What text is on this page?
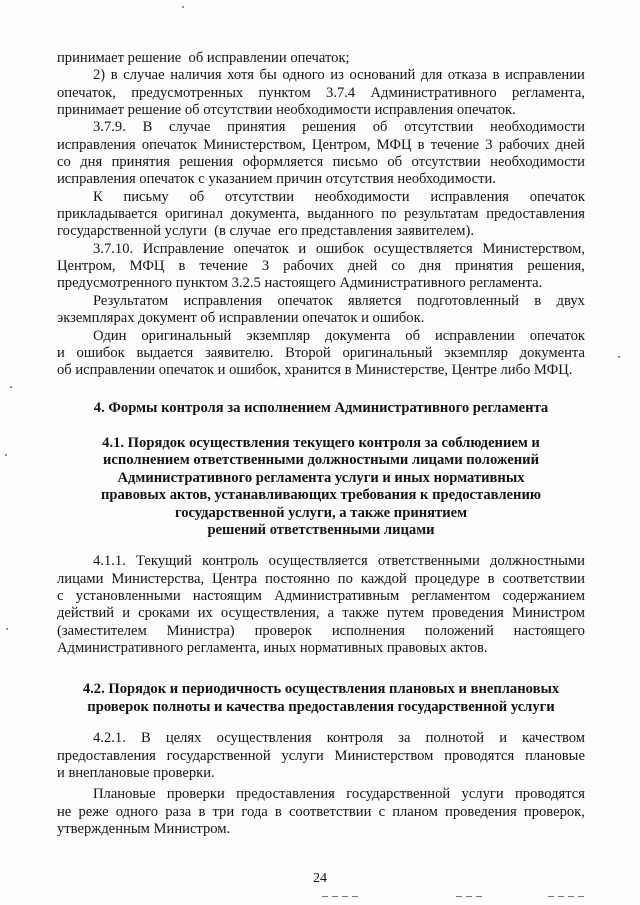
принимает решение  об исправлении опечаток;
2) в случае наличия хотя бы одного из оснований для отказа в исправлении
опечаток, предусмотренных пунктом 3.7.4 Административного регламента,
принимает решение об отсутствии необходимости исправления опечаток.
3.7.9. В случае принятия решения об отсутствии необходимости
исправления опечаток Министерством, Центром, МФЦ в течение 3 рабочих дней
со дня принятия решения оформляется письмо об отсутствии необходимости
исправления опечаток с указанием причин отсутствия необходимости.
К письму об отсутствии необходимости исправления опечаток
прикладывается оригинал документа, выданного по результатам предоставления
государственной услуги  (в случае  его представления заявителем).
3.7.10. Исправление опечаток и ошибок осуществляется Министерством,
Центром, МФЦ в течение 3 рабочих дней со дня принятия решения,
предусмотренного пунктом 3.2.5 настоящего Административного регламента.
Результатом исправления опечаток является подготовленный в двух
экземплярах документ об исправлении опечаток и ошибок.
Один оригинальный экземпляр документа об исправлении опечаток
и ошибок выдается заявителю. Второй оригинальный экземпляр документа
об исправлении опечаток и ошибок, хранится в Министерстве, Центре либо МФЦ.
4. Формы контроля за исполнением Административного регламента
4.1. Порядок осуществления текущего контроля за соблюдением и
исполнением ответственными должностными лицами положений
Административного регламента услуги и иных нормативных
правовых актов, устанавливающих требования к предоставлению
государственной услуги, а также принятием
решений ответственными лицами
4.1.1. Текущий контроль осуществляется ответственными должностными
лицами Министерства, Центра постоянно по каждой процедуре в соответствии
с установленными настоящим Административным регламентом содержанием
действий и сроками их осуществления, а также путем проведения Министром
(заместителем Министра) проверок исполнения положений настоящего
Административного регламента, иных нормативных правовых актов.
4.2. Порядок и периодичность осуществления плановых и внеплановых
проверок полноты и качества предоставления государственной услуги
4.2.1. В целях осуществления контроля за полнотой и качеством
предоставления государственной услуги Министерством проводятся плановые
и внеплановые проверки.
Плановые проверки предоставления государственной услуги проводятся
не реже одного раза в три года в соответствии с планом проведения проверок,
утвержденным Министром.
24
